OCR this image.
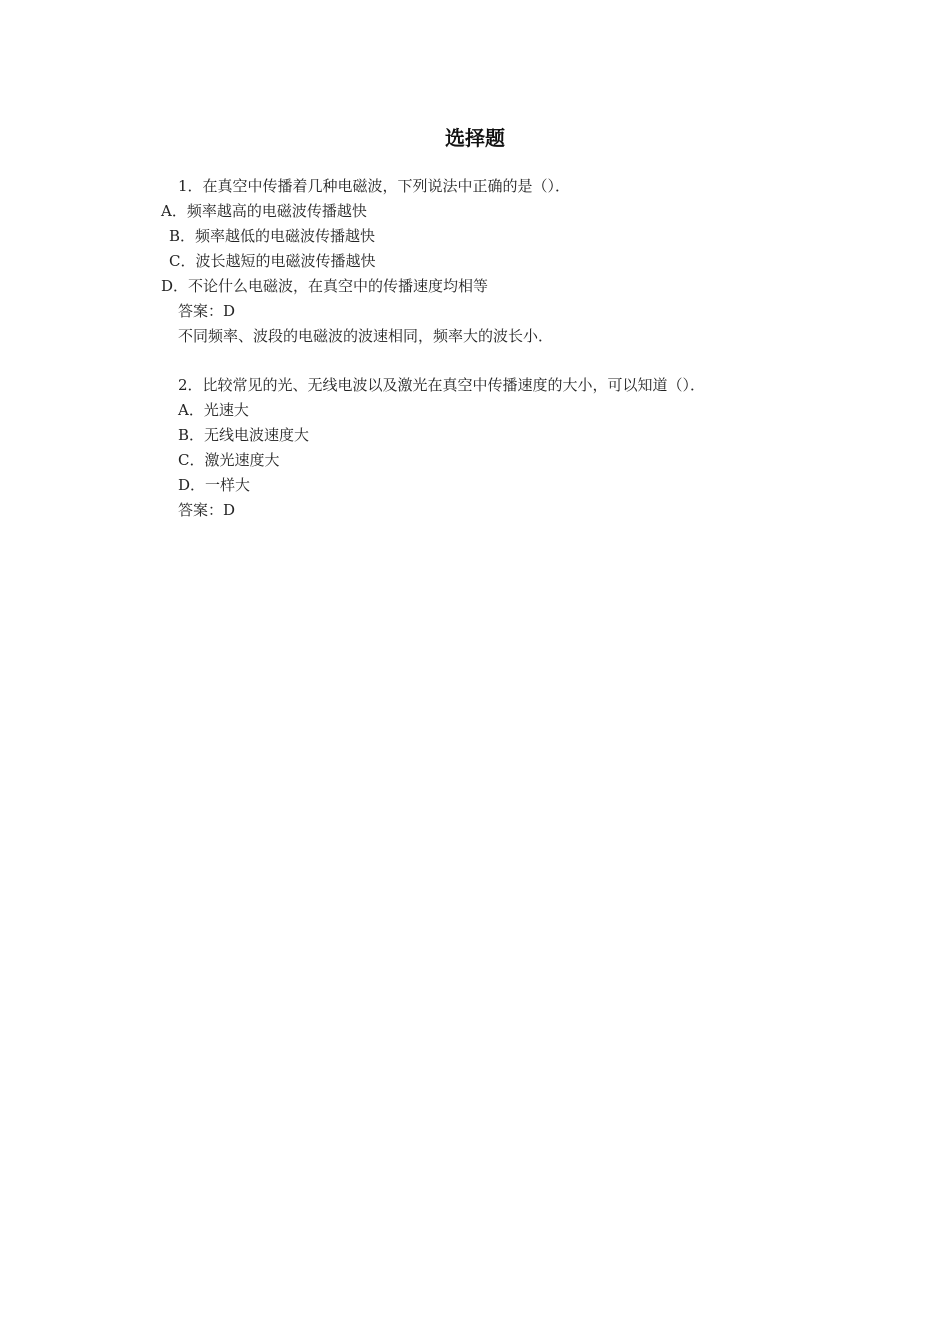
选择题
1．在真空中传播着几种电磁波，下列说法中正确的是（）．
A．频率越高的电磁波传播越快
B．频率越低的电磁波传播越快
C．波长越短的电磁波传播越快
D．不论什么电磁波，在真空中的传播速度均相等
答案：D
不同频率、波段的电磁波的波速相同，频率大的波长小．
2．比较常见的光、无线电波以及激光在真空中传播速度的大小，可以知道（）．
A．光速大
B．无线电波速度大
C．激光速度大
D．一样大
答案：D
